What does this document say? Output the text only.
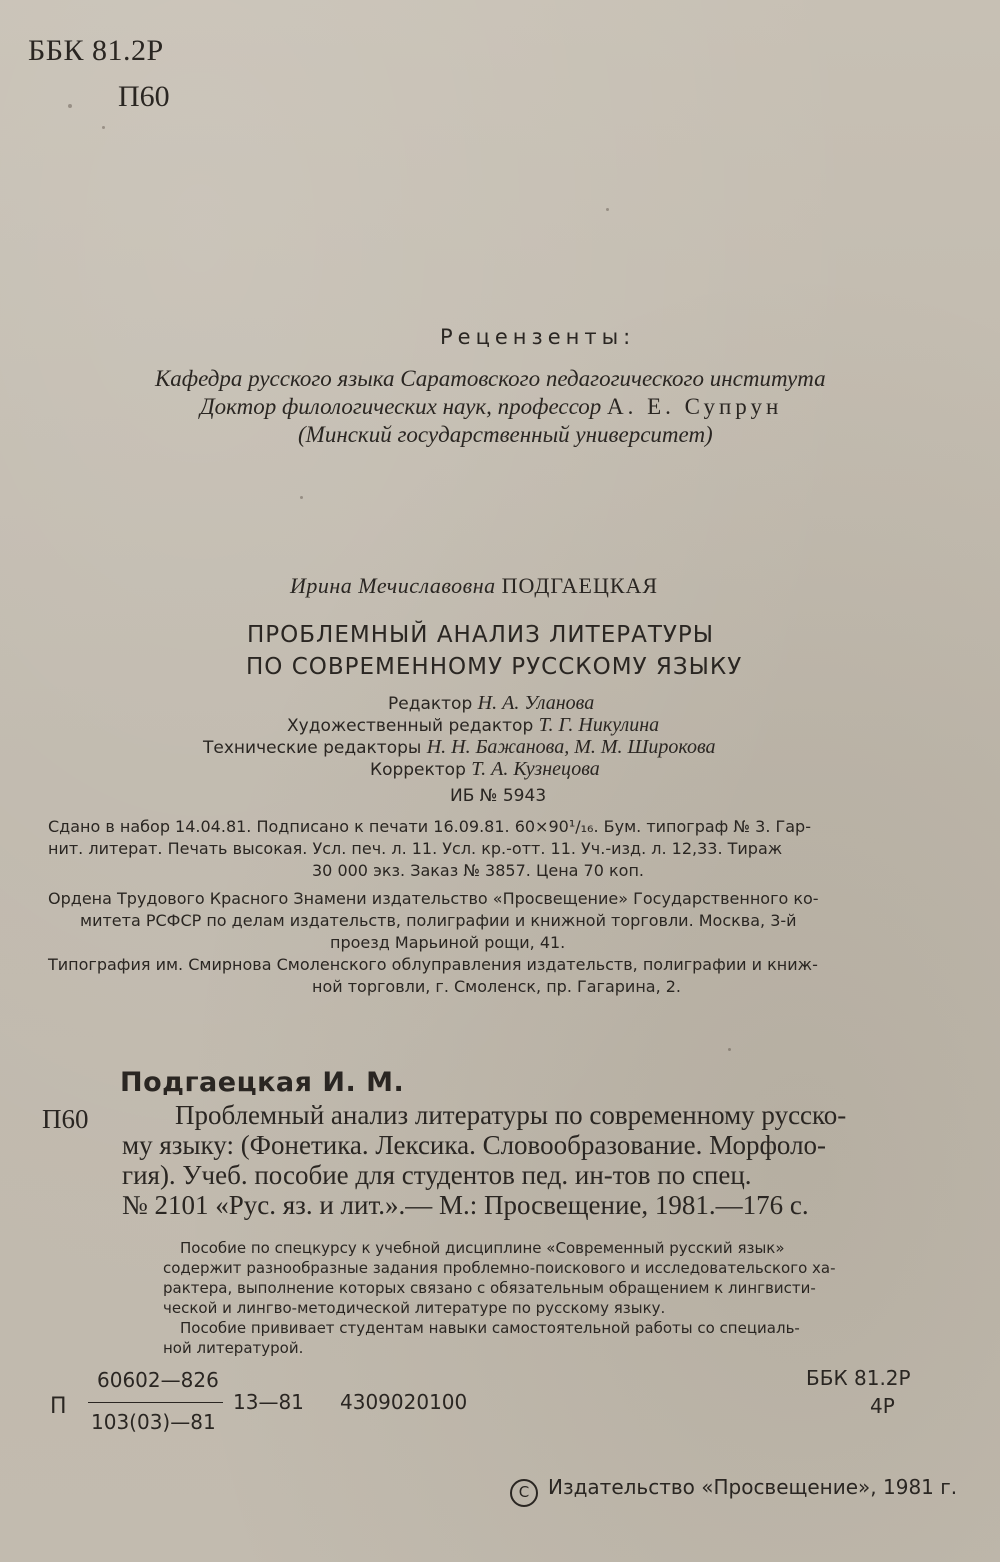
ББК 81.2Р
П60
Рецензенты:
Кафедра русского языка Саратовского педагогического института
Доктор филологических наук, профессор А. Е. Супрун
(Минский государственный университет)
Ирина Мечиславовна ПОДГАЕЦКАЯ
ПРОБЛЕМНЫЙ АНАЛИЗ ЛИТЕРАТУРЫ
ПО СОВРЕМЕННОМУ РУССКОМУ ЯЗЫКУ
Редактор Н. А. Уланова
Художественный редактор Т. Г. Никулина
Технические редакторы Н. Н. Бажанова, М. М. Широкова
Корректор Т. А. Кузнецова
ИБ № 5943
Сдано в набор 14.04.81. Подписано к печати 16.09.81. 60×90¹/₁₆. Бум. типограф № 3. Гар-
нит. литерат. Печать высокая. Усл. печ. л. 11. Усл. кр.-отт. 11. Уч.-изд. л. 12,33. Тираж
30 000 экз. Заказ № 3857. Цена 70 коп.
Ордена Трудового Красного Знамени издательство «Просвещение» Государственного ко-
митета РСФСР по делам издательств, полиграфии и книжной торговли. Москва, 3-й
проезд Марьиной рощи, 41.
Типография им. Смирнова Смоленского облуправления издательств, полиграфии и книж-
ной торговли, г. Смоленск, пр. Гагарина, 2.
Подгаецкая И. М.
П60	Проблемный анализ литературы по современному русско-
му языку: (Фонетика. Лексика. Словообразование. Морфоло-
гия). Учеб. пособие для студентов пед. ин-тов по спец.
№ 2101 «Рус. яз. и лит.».— М.: Просвещение, 1981.—176 с.
Пособие по спецкурсу к учебной дисциплине «Современный русский язык»
содержит разнообразные задания проблемно-поискового и исследовательского ха-
рактера, выполнение которых связано с обязательным обращением к лингвисти-
ческой и лингво-методической литературе по русскому языку.
Пособие прививает студентам навыки самостоятельной работы со специаль-
ной литературой.
П
60602—826
103(03)—81
13—81 4309020100
ББК 81.2Р
4Р
C Издательство «Просвещение», 1981 г.
